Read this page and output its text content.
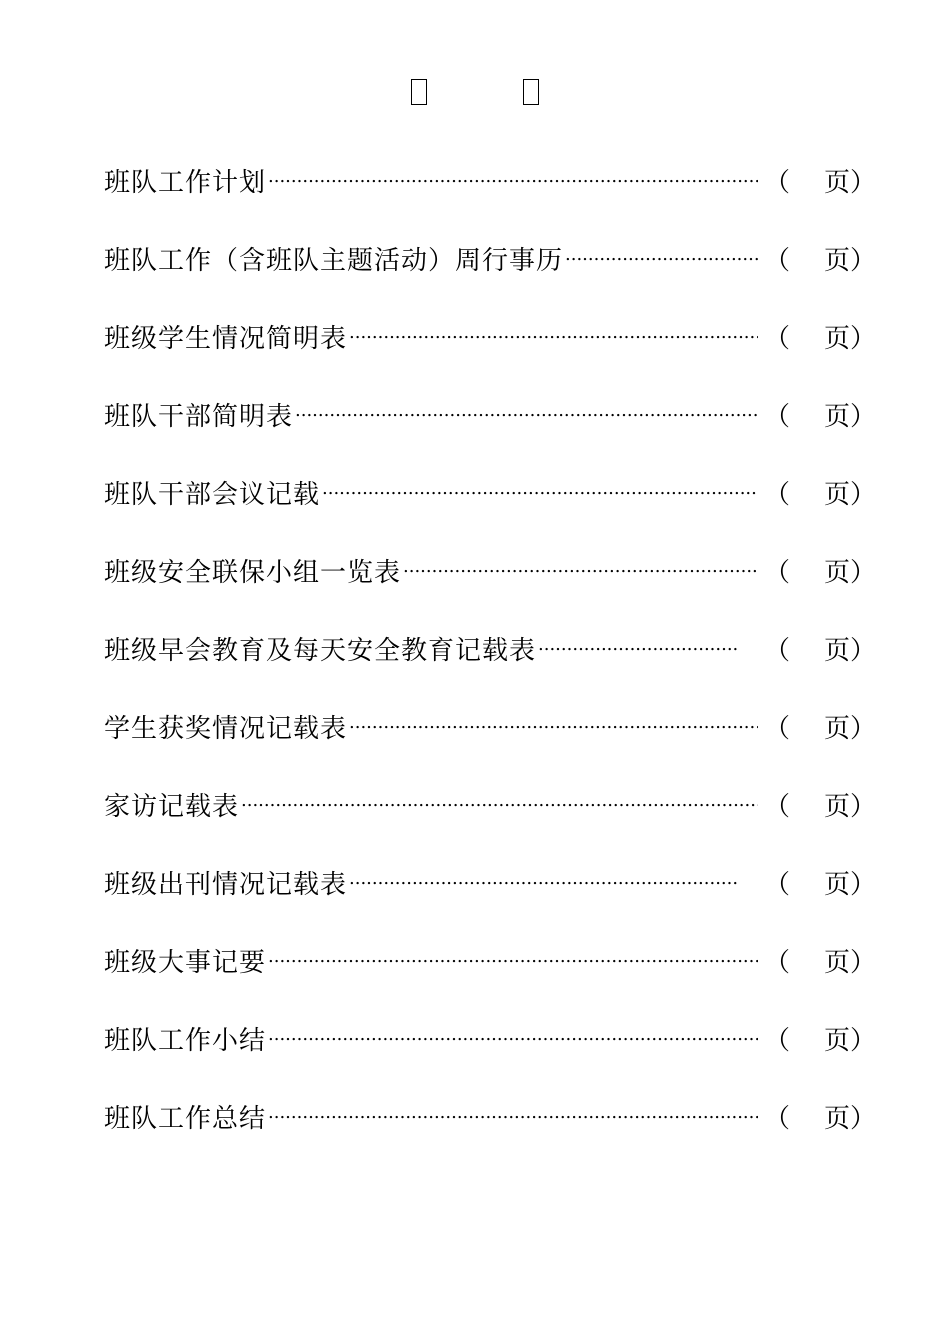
班队工作计划 .....	（ 页）
班队工作（含班队主题活动）周行事历 .....	（ 页）
班级学生情况简明表 .....	（ 页）
班队干部简明表 .....	（ 页）
班队干部会议记载 .....	（ 页）
班级安全联保小组一览表 .....	（ 页）
班级早会教育及每天安全教育记载表 .....	（ 页）
学生获奖情况记载表 .....	（ 页）
家访记载表 .....	（ 页）
班级出刊情况记载表 .....	（ 页）
班级大事记要 .....	（ 页）
班队工作小结 .....	（ 页）
班队工作总结 .....	（ 页）
